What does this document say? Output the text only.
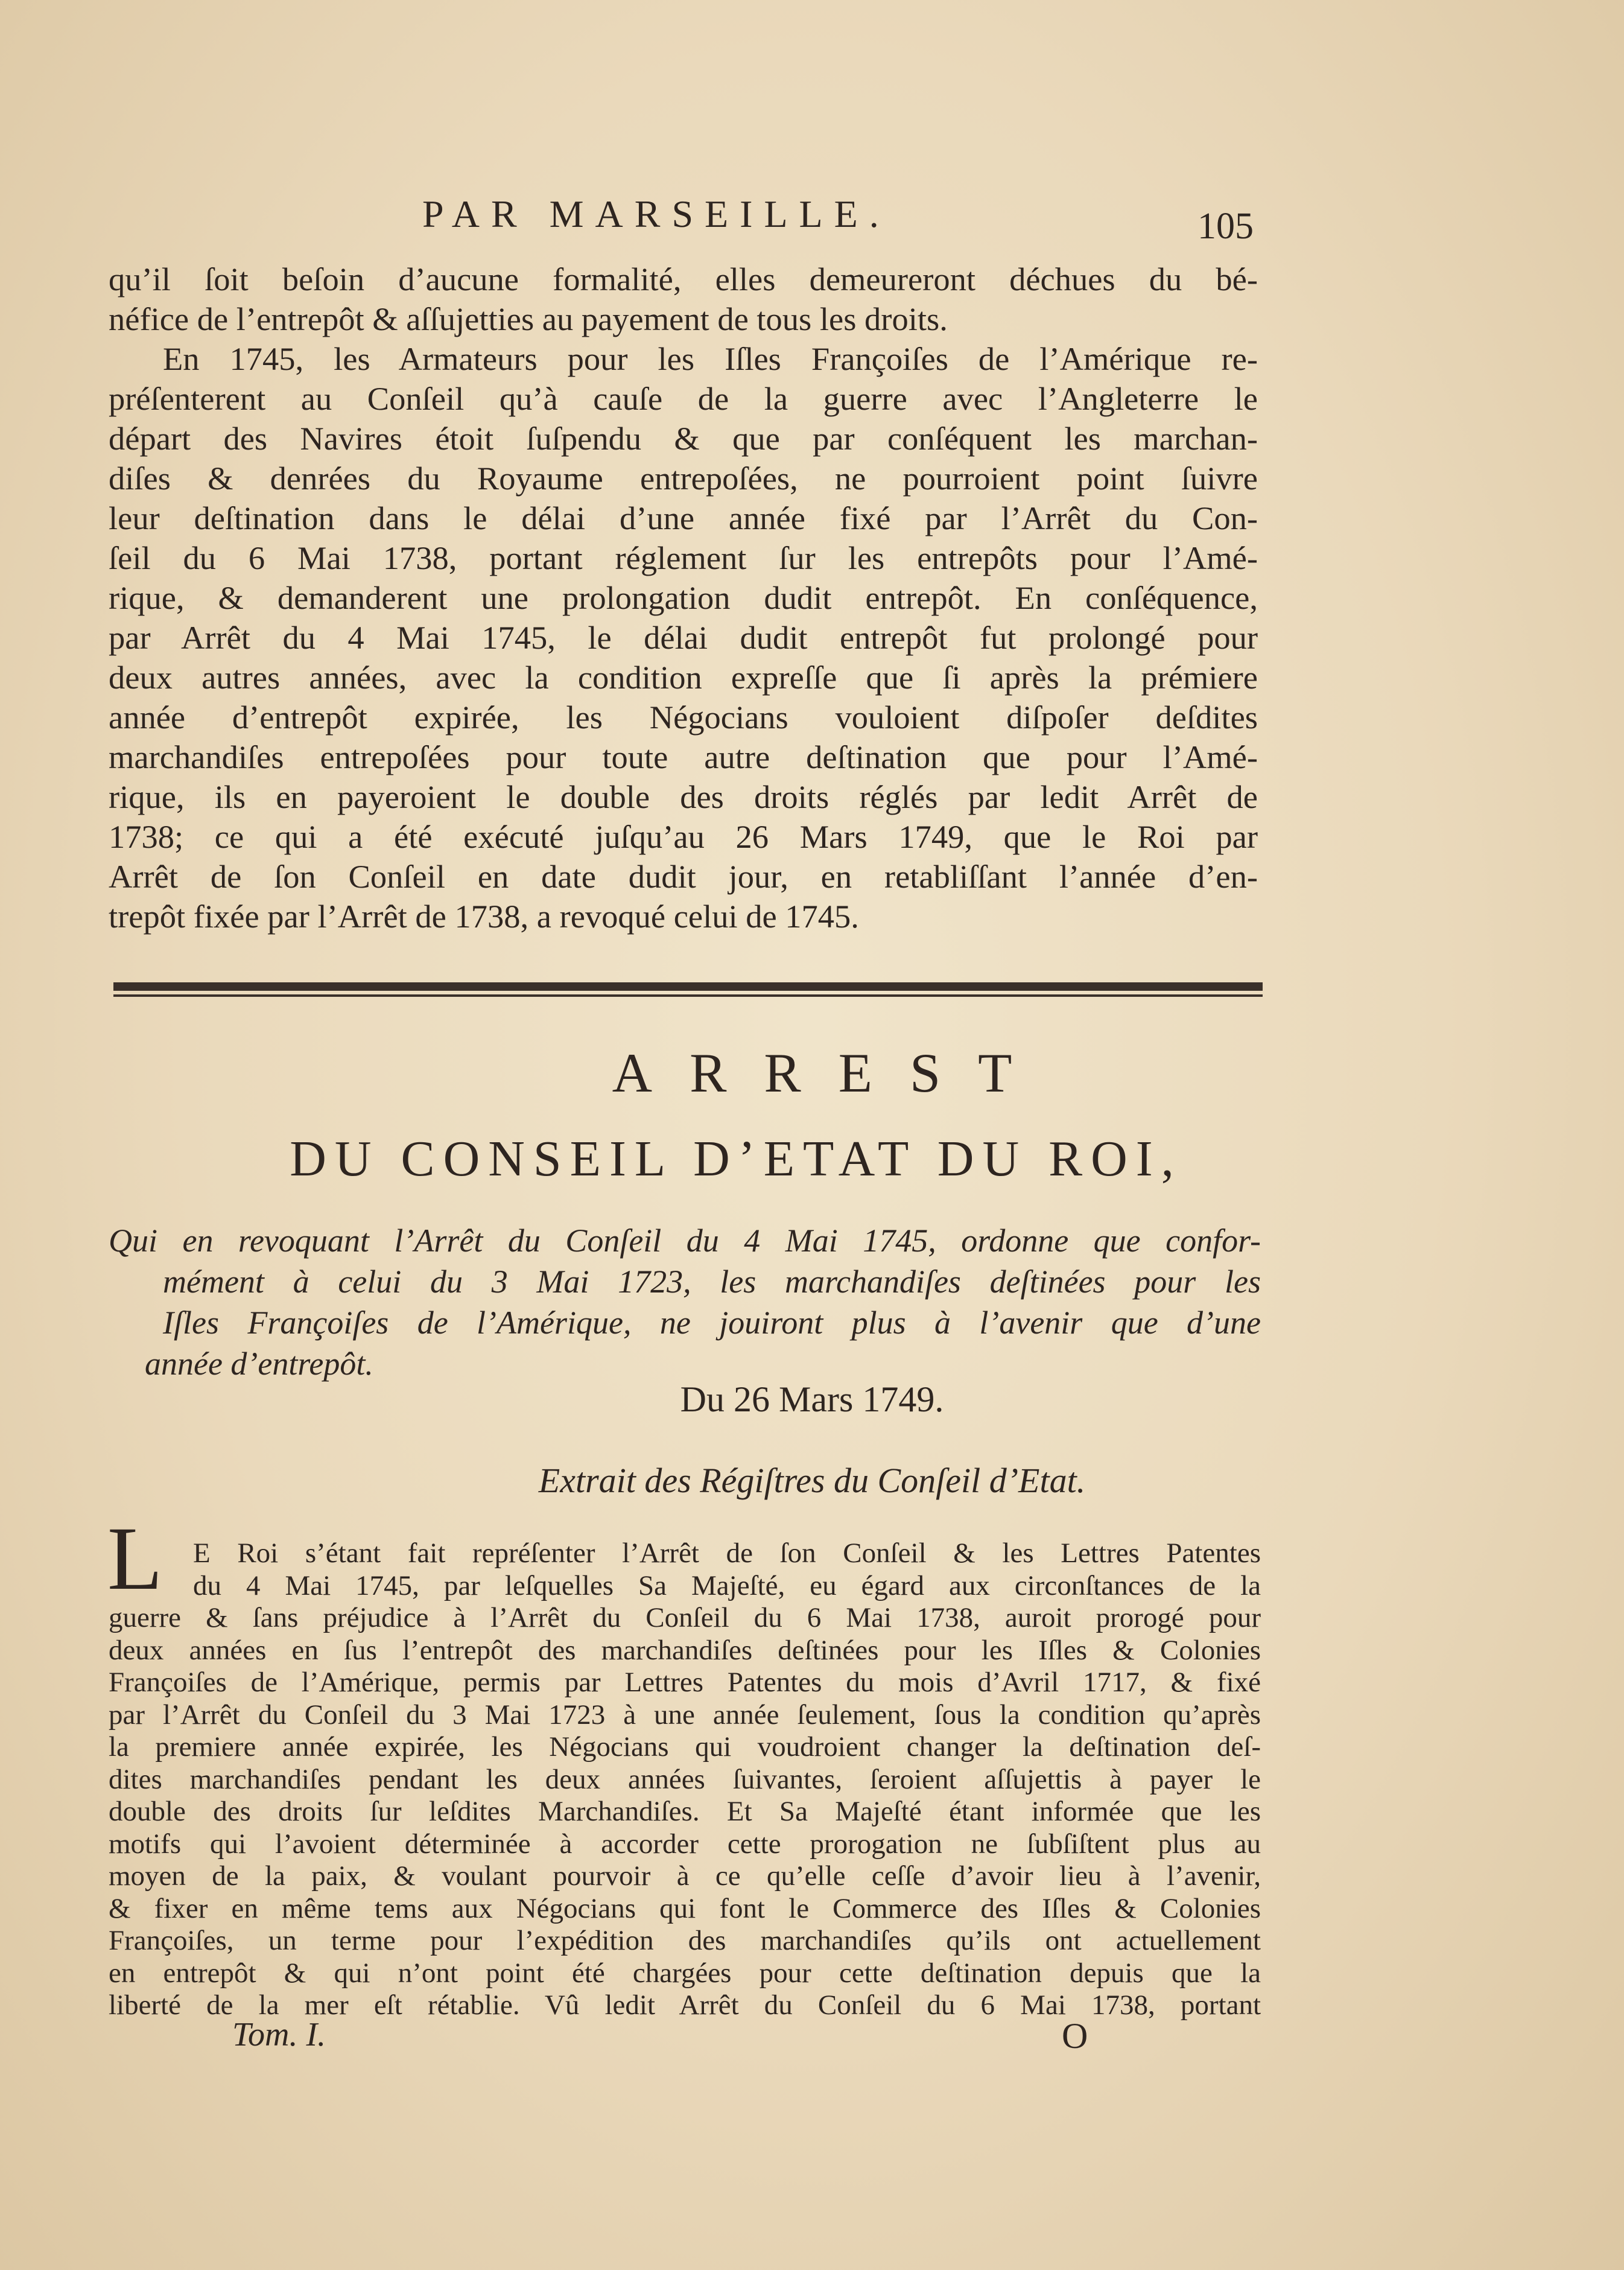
PAR MARSEILLE.	105
qu’il ſoit beſoin d’aucune formalité, elles demeureront déchues du bé-
néfice de l’entrepôt & aſſujetties au payement de tous les droits.
En 1745, les Armateurs pour les Iſles Françoiſes de l’Amérique re-
préſenterent au Conſeil qu’à cauſe de la guerre avec l’Angleterre le
départ des Navires étoit ſuſpendu & que par conſéquent les marchan-
diſes & denrées du Royaume entrepoſées, ne pourroient point ſuivre
leur deſtination dans le délai d’une année fixé par l’Arrêt du Con-
ſeil du 6 Mai 1738, portant réglement ſur les entrepôts pour l’Amé-
rique, & demanderent une prolongation dudit entrepôt. En conſéquence,
par Arrêt du 4 Mai 1745, le délai dudit entrepôt fut prolongé pour
deux autres années, avec la condition expreſſe que ſi après la prémiere
année d’entrepôt expirée, les Négocians vouloient diſpoſer deſdites
marchandiſes entrepoſées pour toute autre deſtination que pour l’Amé-
rique, ils en payeroient le double des droits réglés par ledit Arrêt de
1738; ce qui a été exécuté juſqu’au 26 Mars 1749, que le Roi par
Arrêt de ſon Conſeil en date dudit jour, en retabliſſant l’année d’en-
trepôt fixée par l’Arrêt de 1738, a revoqué celui de 1745.
ARREST
DU CONSEIL D’ETAT DU ROI,
Qui en revoquant l’Arrêt du Conſeil du 4 Mai 1745, ordonne que confor-
mément à celui du 3 Mai 1723, les marchandiſes deſtinées pour les
Iſles Françoiſes de l’Amérique, ne jouiront plus à l’avenir que d’une
année d’entrepôt.
Du 26 Mars 1749.
Extrait des Régiſtres du Conſeil d’Etat.
L	E Roi s’étant fait repréſenter l’Arrêt de ſon Conſeil & les Lettres Patentes
du 4 Mai 1745, par leſquelles Sa Majeſté, eu égard aux circonſtances de la
guerre & ſans préjudice à l’Arrêt du Conſeil du 6 Mai 1738, auroit prorogé pour
deux années en ſus l’entrepôt des marchandiſes deſtinées pour les Iſles & Colonies
Françoiſes de l’Amérique, permis par Lettres Patentes du mois d’Avril 1717, & fixé
par l’Arrêt du Conſeil du 3 Mai 1723 à une année ſeulement, ſous la condition qu’après
la premiere année expirée, les Négocians qui voudroient changer la deſtination deſ-
dites marchandiſes pendant les deux années ſuivantes, ſeroient aſſujettis à payer le
double des droits ſur leſdites Marchandiſes. Et Sa Majeſté étant informée que les
motifs qui l’avoient déterminée à accorder cette prorogation ne ſubſiſtent plus au
moyen de la paix, & voulant pourvoir à ce qu’elle ceſſe d’avoir lieu à l’avenir,
& fixer en même tems aux Négocians qui font le Commerce des Iſles & Colonies
Françoiſes, un terme pour l’expédition des marchandiſes qu’ils ont actuellement
en entrepôt & qui n’ont point été chargées pour cette deſtination depuis que la
liberté de la mer eſt rétablie. Vû ledit Arrêt du Conſeil du 6 Mai 1738, portant
Tom. I.	O
